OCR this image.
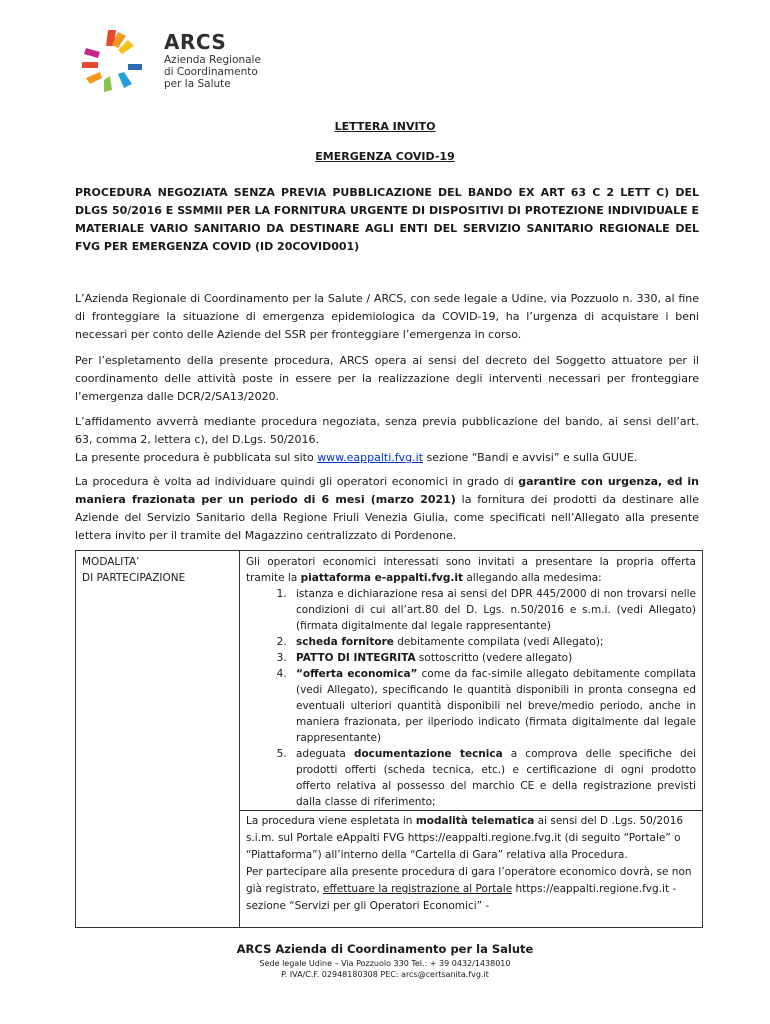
ARCS
Azienda Regionale
di Coordinamento
per la Salute
LETTERA INVITO
EMERGENZA COVID-19
PROCEDURA NEGOZIATA SENZA PREVIA PUBBLICAZIONE DEL BANDO EX ART 63 C 2 LETT C) DEL DLGS 50/2016 E SSMMII PER LA FORNITURA URGENTE DI DISPOSITIVI DI PROTEZIONE INDIVIDUALE E MATERIALE VARIO SANITARIO DA DESTINARE AGLI ENTI DEL SERVIZIO SANITARIO REGIONALE DEL FVG PER EMERGENZA COVID (ID 20COVID001)
L’Azienda Regionale di Coordinamento per la Salute / ARCS, con sede legale a Udine, via Pozzuolo n. 330, al fine di fronteggiare la situazione di emergenza epidemiologica da COVID-19, ha l’urgenza di acquistare i beni necessari per conto delle Aziende del SSR per fronteggiare l’emergenza in corso.
Per l’espletamento della presente procedura, ARCS opera ai sensi del decreto del Soggetto attuatore per il coordinamento delle attività poste in essere per la realizzazione degli interventi necessari per fronteggiare l’emergenza dalle DCR/2/SA13/2020.

L’affidamento avverrà mediante procedura negoziata, senza previa pubblicazione del bando, ai sensi dell’art. 63, comma 2, lettera c), del D.Lgs. 50/2016.

La presente procedura è pubblicata sul sito www.eappalti.fvg.it sezione “Bandi e avvisi” e sulla GUUE.

La procedura è volta ad individuare quindi gli operatori economici in grado di garantire con urgenza, ed in maniera frazionata per un periodo di 6 mesi (marzo 2021) la fornitura dei prodotti da destinare alle Aziende del Servizio Sanitario della Regione Friuli Venezia Giulia, come specificati nell’Allegato alla presente lettera invito per il tramite del Magazzino centralizzato di Pordenone.

MODALITA’
DI PARTECIPAZIONE

Gli operatori economici interessati sono invitati a presentare la propria offerta tramite la piattaforma e-appalti.fvg.it allegando alla medesima:

1. istanza e dichiarazione resa ai sensi del DPR 445/2000 di non trovarsi nelle condizioni di cui all’art.80 del D. Lgs. n.50/2016 e s.m.i. (vedi Allegato) (firmata digitalmente dal legale rappresentante)
2. scheda fornitore debitamente compilata (vedi Allegato);
3. PATTO DI INTEGRITA sottoscritto (vedere allegato)
4. “offerta economica” come da fac-simile allegato debitamente compilata (vedi Allegato), specificando le quantità disponibili in pronta consegna ed eventuali ulteriori quantità disponibili nel breve/medio periodo, anche in maniera frazionata, per ilperiodo indicato (firmata digitalmente dal legale rappresentante)
5. adeguata documentazione tecnica a comprova delle specifiche dei prodotti offerti (scheda tecnica, etc.) e certificazione di ogni prodotto offerto relativa al possesso del marchio CE e della registrazione previsti dalla classe di riferimento;

La procedura viene espletata in modalità telematica ai sensi del D .Lgs. 50/2016 s.i.m. sul Portale eAppalti FVG https://eappalti.regione.fvg.it (di seguito “Portale” o “Piattaforma”) all’interno della “Cartella di Gara” relativa alla Procedura.

Per partecipare alla presente procedura di gara l’operatore economico dovrà, se non già registrato, effettuare la registrazione al Portale https://eappalti.regione.fvg.it - sezione “Servizi per gli Operatori Economici” -

ARCS Azienda di Coordinamento per la Salute
Sede legale Udine – Via Pozzuolo 330 Tel.: + 39 0432/1438010
P. IVA/C.F. 02948180308 PEC: arcs@certsanita.fvg.it
